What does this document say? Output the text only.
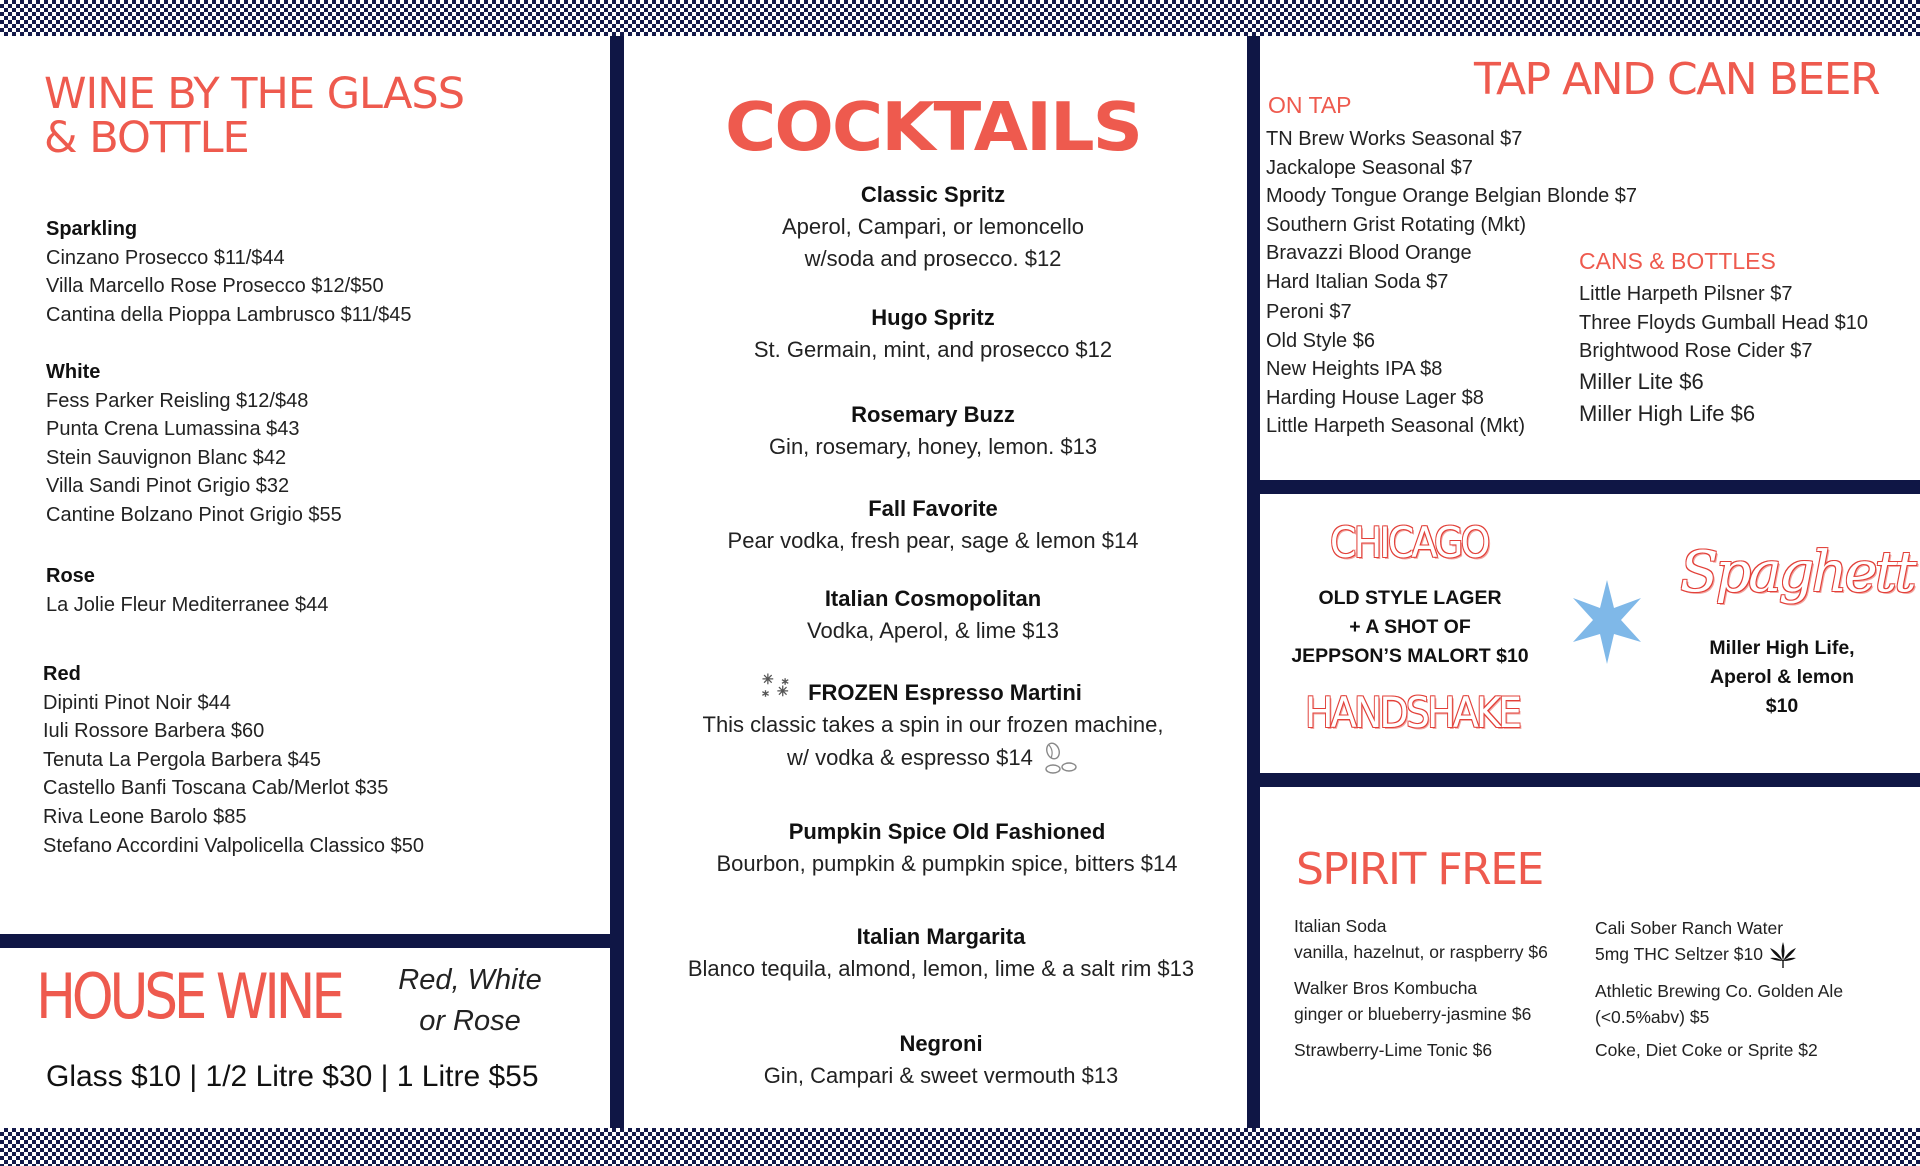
WINE BY THE GLASS
& BOTTLE
Sparkling
Cinzano Prosecco $11/$44
Villa Marcello Rose Prosecco $12/$50
Cantina della Pioppa Lambrusco $11/$45
White
Fess Parker Reisling $12/$48
Punta Crena Lumassina $43
Stein Sauvignon Blanc $42
Villa Sandi Pinot Grigio $32
Cantine Bolzano Pinot Grigio $55
Rose
La Jolie Fleur Mediterranee $44
Red
Dipinti Pinot Noir $44
Iuli Rossore Barbera $60
Tenuta La Pergola Barbera $45
Castello Banfi Toscana Cab/Merlot $35
Riva Leone Barolo $85
Stefano Accordini Valpolicella Classico $50
HOUSE WINE	Red, White
or Rose
Glass $10 | 1/2 Litre $30 | 1 Litre $55
COCKTAILS
Classic Spritz
Aperol, Campari, or lemoncello
w/soda and prosecco. $12
Hugo Spritz
St. Germain, mint, and prosecco $12
Rosemary Buzz
Gin, rosemary, honey, lemon. $13
Fall Favorite
Pear vodka, fresh pear, sage & lemon $14
Italian Cosmopolitan
Vodka, Aperol, & lime $13
✳ ⁎
⁎ ✳ FROZEN Espresso Martini
This classic takes a spin in our frozen machine,
w/ vodka & espresso $14
Pumpkin Spice Old Fashioned
Bourbon, pumpkin & pumpkin spice, bitters $14
Italian Margarita
Blanco tequila, almond, lemon, lime & a salt rim $13
Negroni
Gin, Campari & sweet vermouth $13
TAP AND CAN BEER
ON TAP
TN Brew Works Seasonal $7
Jackalope Seasonal $7
Moody Tongue Orange Belgian Blonde $7
Southern Grist Rotating (Mkt)
Bravazzi Blood Orange
Hard Italian Soda $7
Peroni $7
Old Style $6
New Heights IPA $8
Harding House Lager $8
Little Harpeth Seasonal (Mkt)
CANS & BOTTLES
Little Harpeth Pilsner $7
Three Floyds Gumball Head $10
Brightwood Rose Cider $7
Miller Lite $6
Miller High Life $6
CHICAGO
OLD STYLE LAGER
+ A SHOT OF
JEPPSON’S MALORT $10
HANDSHAKE
Spaghett
Miller High Life,
Aperol & lemon
$10
SPIRIT FREE
Italian Soda
vanilla, hazelnut, or raspberry $6
Walker Bros Kombucha
ginger or blueberry-jasmine $6
Strawberry-Lime Tonic $6
Cali Sober Ranch Water
5mg THC Seltzer $10
Athletic Brewing Co. Golden Ale
(<0.5%abv) $5
Coke, Diet Coke or Sprite $2
